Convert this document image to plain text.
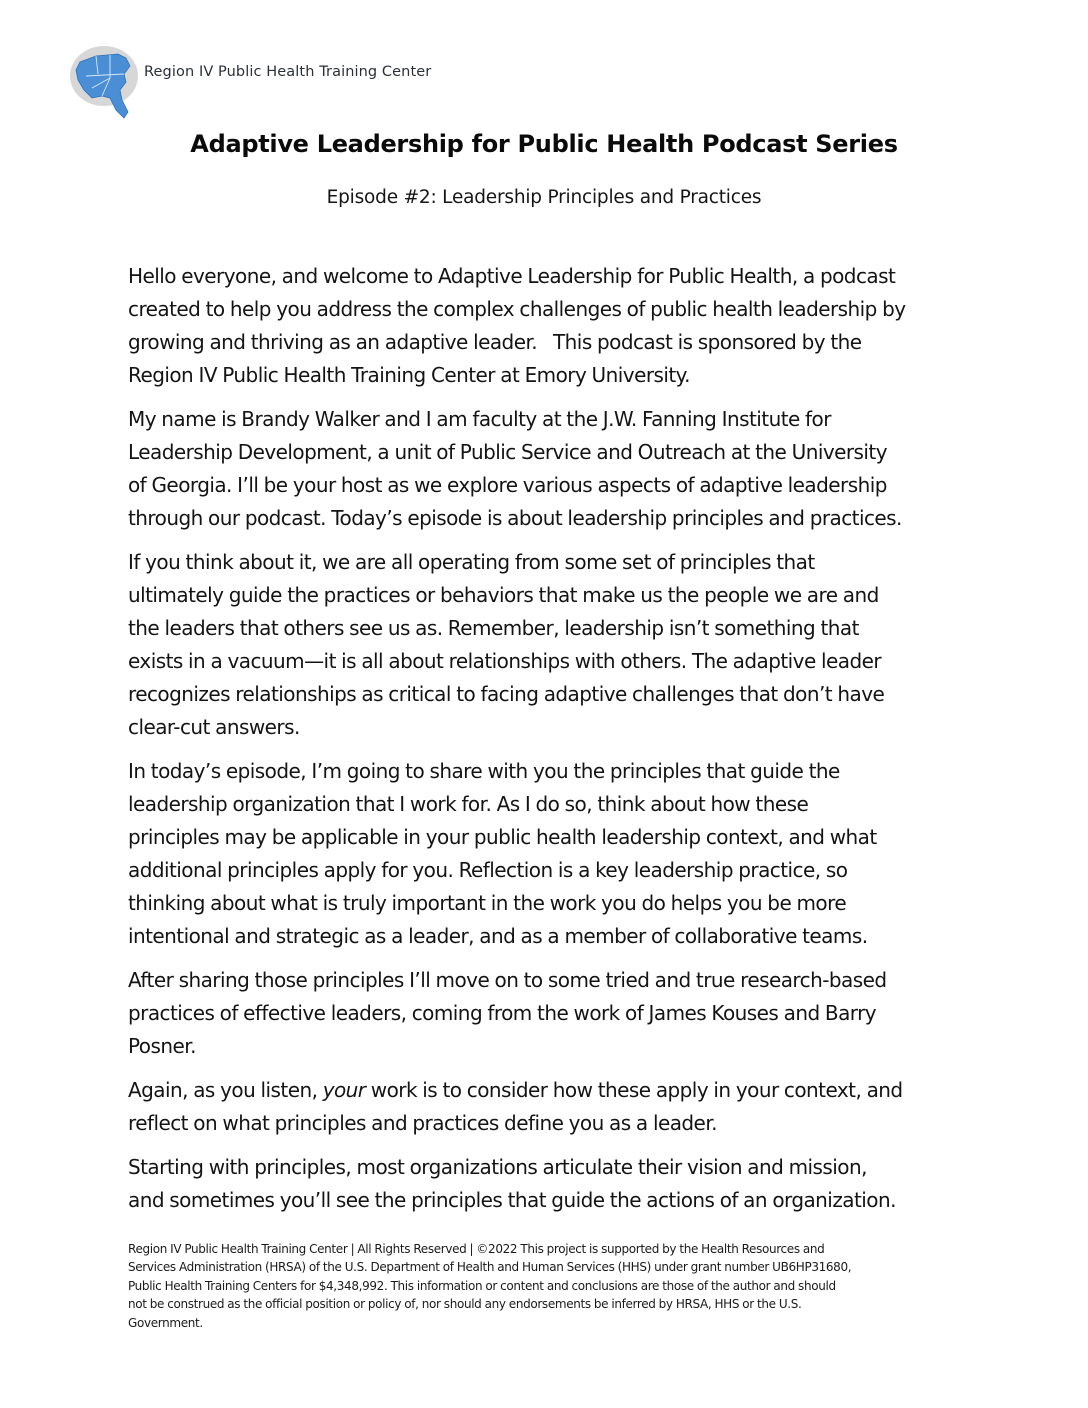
Region IV Public Health Training Center
Adaptive Leadership for Public Health Podcast Series
Episode #2: Leadership Principles and Practices

Hello everyone, and welcome to Adaptive Leadership for Public Health, a podcast
created to help you address the complex challenges of public health leadership by
growing and thriving as an adaptive leader.   This podcast is sponsored by the
Region IV Public Health Training Center at Emory University.

My name is Brandy Walker and I am faculty at the J.W. Fanning Institute for
Leadership Development, a unit of Public Service and Outreach at the University
of Georgia. I’ll be your host as we explore various aspects of adaptive leadership
through our podcast. Today’s episode is about leadership principles and practices.

If you think about it, we are all operating from some set of principles that
ultimately guide the practices or behaviors that make us the people we are and
the leaders that others see us as. Remember, leadership isn’t something that
exists in a vacuum—it is all about relationships with others. The adaptive leader
recognizes relationships as critical to facing adaptive challenges that don’t have
clear-cut answers.

In today’s episode, I’m going to share with you the principles that guide the
leadership organization that I work for. As I do so, think about how these
principles may be applicable in your public health leadership context, and what
additional principles apply for you. Reflection is a key leadership practice, so
thinking about what is truly important in the work you do helps you be more
intentional and strategic as a leader, and as a member of collaborative teams.

After sharing those principles I’ll move on to some tried and true research-based
practices of effective leaders, coming from the work of James Kouses and Barry
Posner.

Again, as you listen, your work is to consider how these apply in your context, and
reflect on what principles and practices define you as a leader.

Starting with principles, most organizations articulate their vision and mission,
and sometimes you’ll see the principles that guide the actions of an organization.

Region IV Public Health Training Center | All Rights Reserved | ©2022 This project is supported by the Health Resources and
Services Administration (HRSA) of the U.S. Department of Health and Human Services (HHS) under grant number UB6HP31680,
Public Health Training Centers for $4,348,992. This information or content and conclusions are those of the author and should
not be construed as the official position or policy of, nor should any endorsements be inferred by HRSA, HHS or the U.S.
Government.
